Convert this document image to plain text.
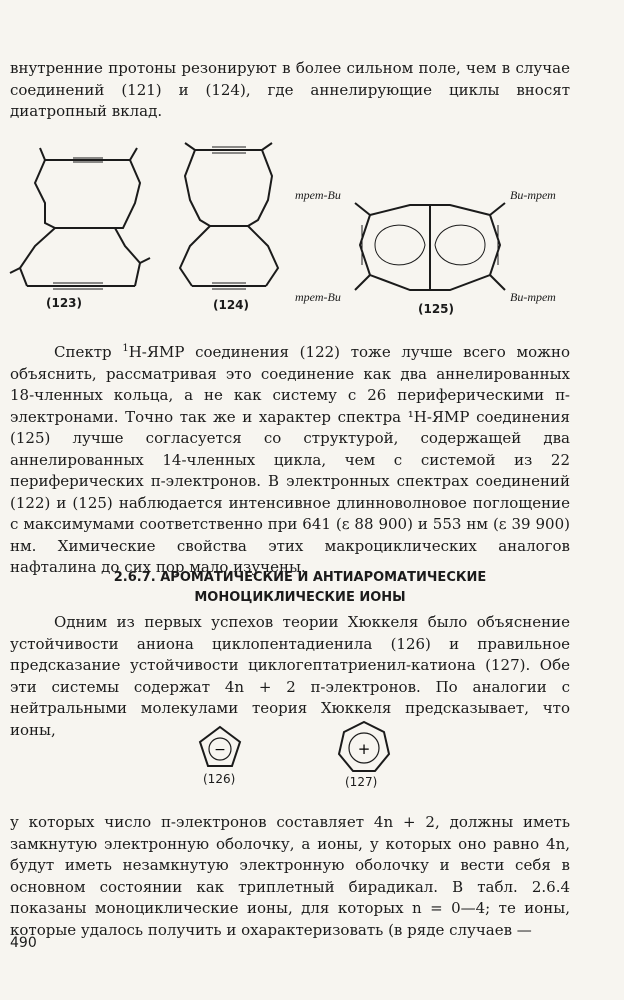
внутренние протоны резонируют в более сильном поле, чем в случае соединений (121) и (124), где аннелирующие циклы вносят диатропный вклад.

(123)	(124)
трет-Bu	Bu-трет
трет-Bu	Bu-трет
(125)

Спектр $^1$Н-ЯМР соединения (122) тоже лучше всего можно объяснить, рассматривая это соединение как два аннелированных 18-членных кольца, а не как систему с 26 периферическими π-электронами. Точно так же и характер спектра ¹Н-ЯМР соединения (125) лучше согласуется со структурой, содержащей два аннелированных 14-членных цикла, чем с системой из 22 периферических π-электронов. В электронных спектрах соединений (122) и (125) наблюдается интенсивное длинноволновое поглощение с максимумами соответственно при 641 (ε 88 900) и 553 нм (ε 39 900) нм. Химические свойства этих макроциклических аналогов нафталина до сих пор мало изучены.

2.6.7. АРОМАТИЧЕСКИЕ И АНТИАРОМАТИЧЕСКИЕ
МОНОЦИКЛИЧЕСКИЕ ИОНЫ

Одним из первых успехов теории Хюккеля было объяснение устойчивости аниона циклопентадиенила (126) и правильное предсказание устойчивости циклогептатриенил-катиона (127). Обе эти системы содержат 4n + 2 π-электронов. По аналогии с нейтральными молекулами теория Хюккеля предсказывает, что ионы,

−
(126)
+
(127)

у которых число π-электронов составляет 4n + 2, должны иметь замкнутую электронную оболочку, а ионы, у которых оно равно 4n, будут иметь незамкнутую электронную оболочку и вести себя в основном состоянии как триплетный бирадикал. В табл. 2.6.4 показаны моноциклические ионы, для которых n = 0—4; те ионы, которые удалось получить и охарактеризовать (в ряде случаев —

490
